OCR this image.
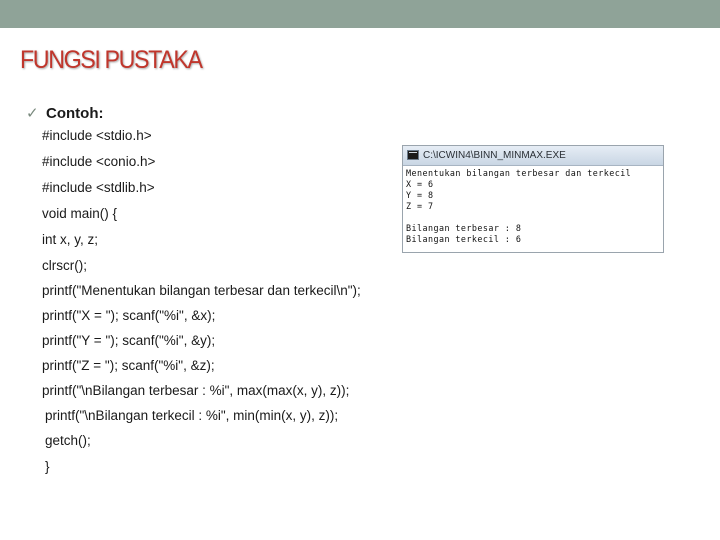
FUNGSI PUSTAKA
✓ Contoh:
#include <stdio.h>
#include <conio.h>
#include <stdlib.h>
void main() {
int x, y, z;
clrscr();
printf("Menentukan bilangan terbesar dan terkecil\n");
printf("X = "); scanf("%i", &x);
printf("Y = "); scanf("%i", &y);
printf("Z = "); scanf("%i", &z);
printf("\nBilangan terbesar : %i", max(max(x, y), z));
printf("\nBilangan terkecil : %i", min(min(x, y), z));
getch();
}
C:\ICWIN4\BINN_MINMAX.EXE
Menentukan bilangan terbesar dan terkecil
X = 6
Y = 8
Z = 7
Bilangan terbesar : 8
Bilangan terkecil : 6
